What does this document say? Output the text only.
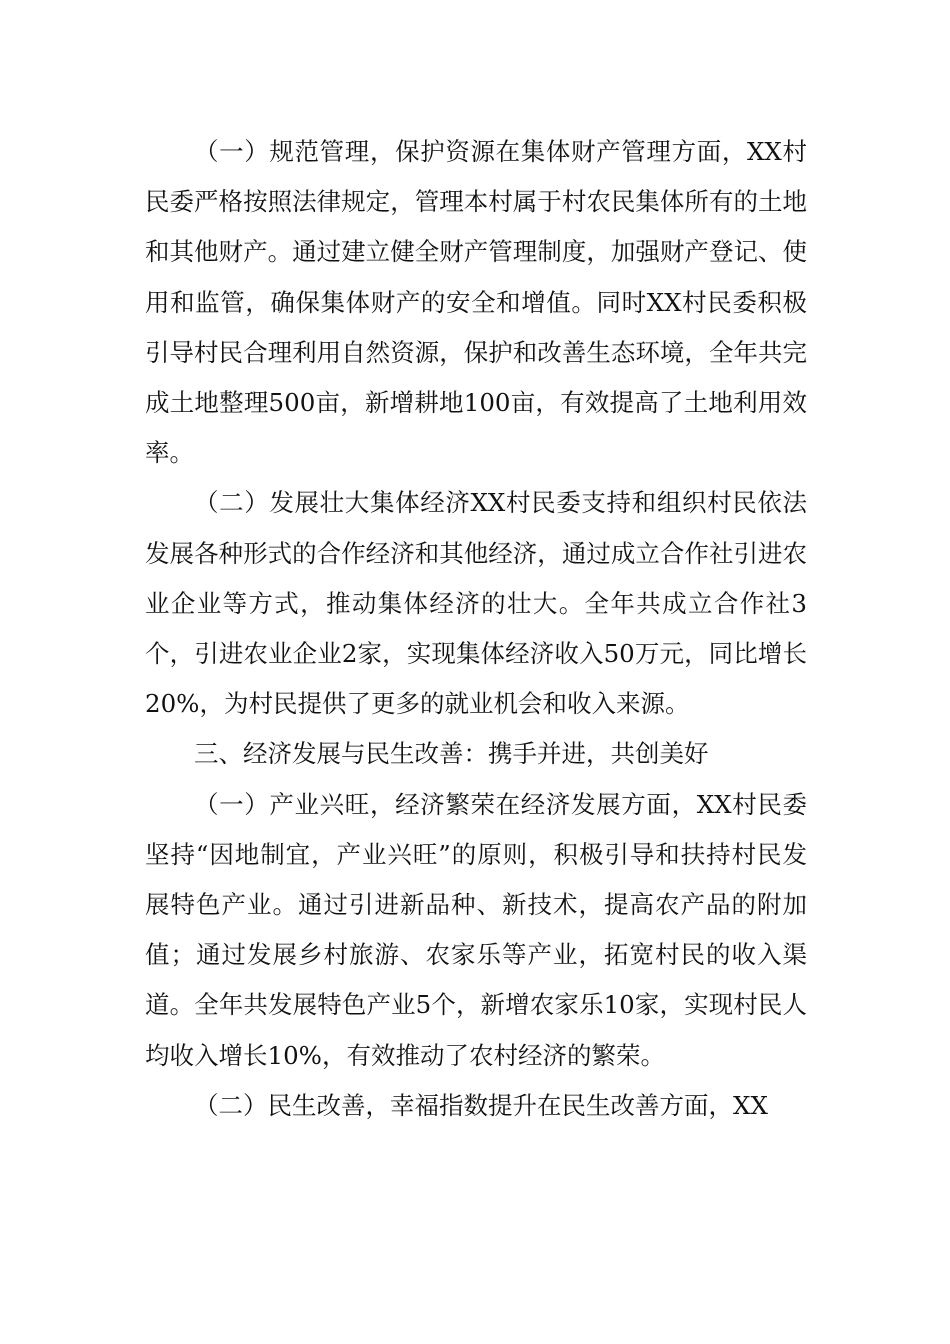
（一）规范管理，保护资源在集体财产管理方面，XX村民委严格按照法律规定，管理本村属于村农民集体所有的土地和其他财产。通过建立健全财产管理制度，加强财产登记、使用和监管，确保集体财产的安全和增值。同时XX村民委积极引导村民合理利用自然资源，保护和改善生态环境，全年共完成土地整理500亩，新增耕地100亩，有效提高了土地利用效率。

（二）发展壮大集体经济XX村民委支持和组织村民依法发展各种形式的合作经济和其他经济，通过成立合作社引进农业企业等方式，推动集体经济的壮大。全年共成立合作社3个，引进农业企业2家，实现集体经济收入50万元，同比增长20%，为村民提供了更多的就业机会和收入来源。

三、经济发展与民生改善：携手并进，共创美好

（一）产业兴旺，经济繁荣在经济发展方面，XX村民委坚持“因地制宜，产业兴旺”的原则，积极引导和扶持村民发展特色产业。通过引进新品种、新技术，提高农产品的附加值；通过发展乡村旅游、农家乐等产业，拓宽村民的收入渠道。全年共发展特色产业5个，新增农家乐10家，实现村民人均收入增长10%，有效推动了农村经济的繁荣。

（二）民生改善，幸福指数提升在民生改善方面，XX
